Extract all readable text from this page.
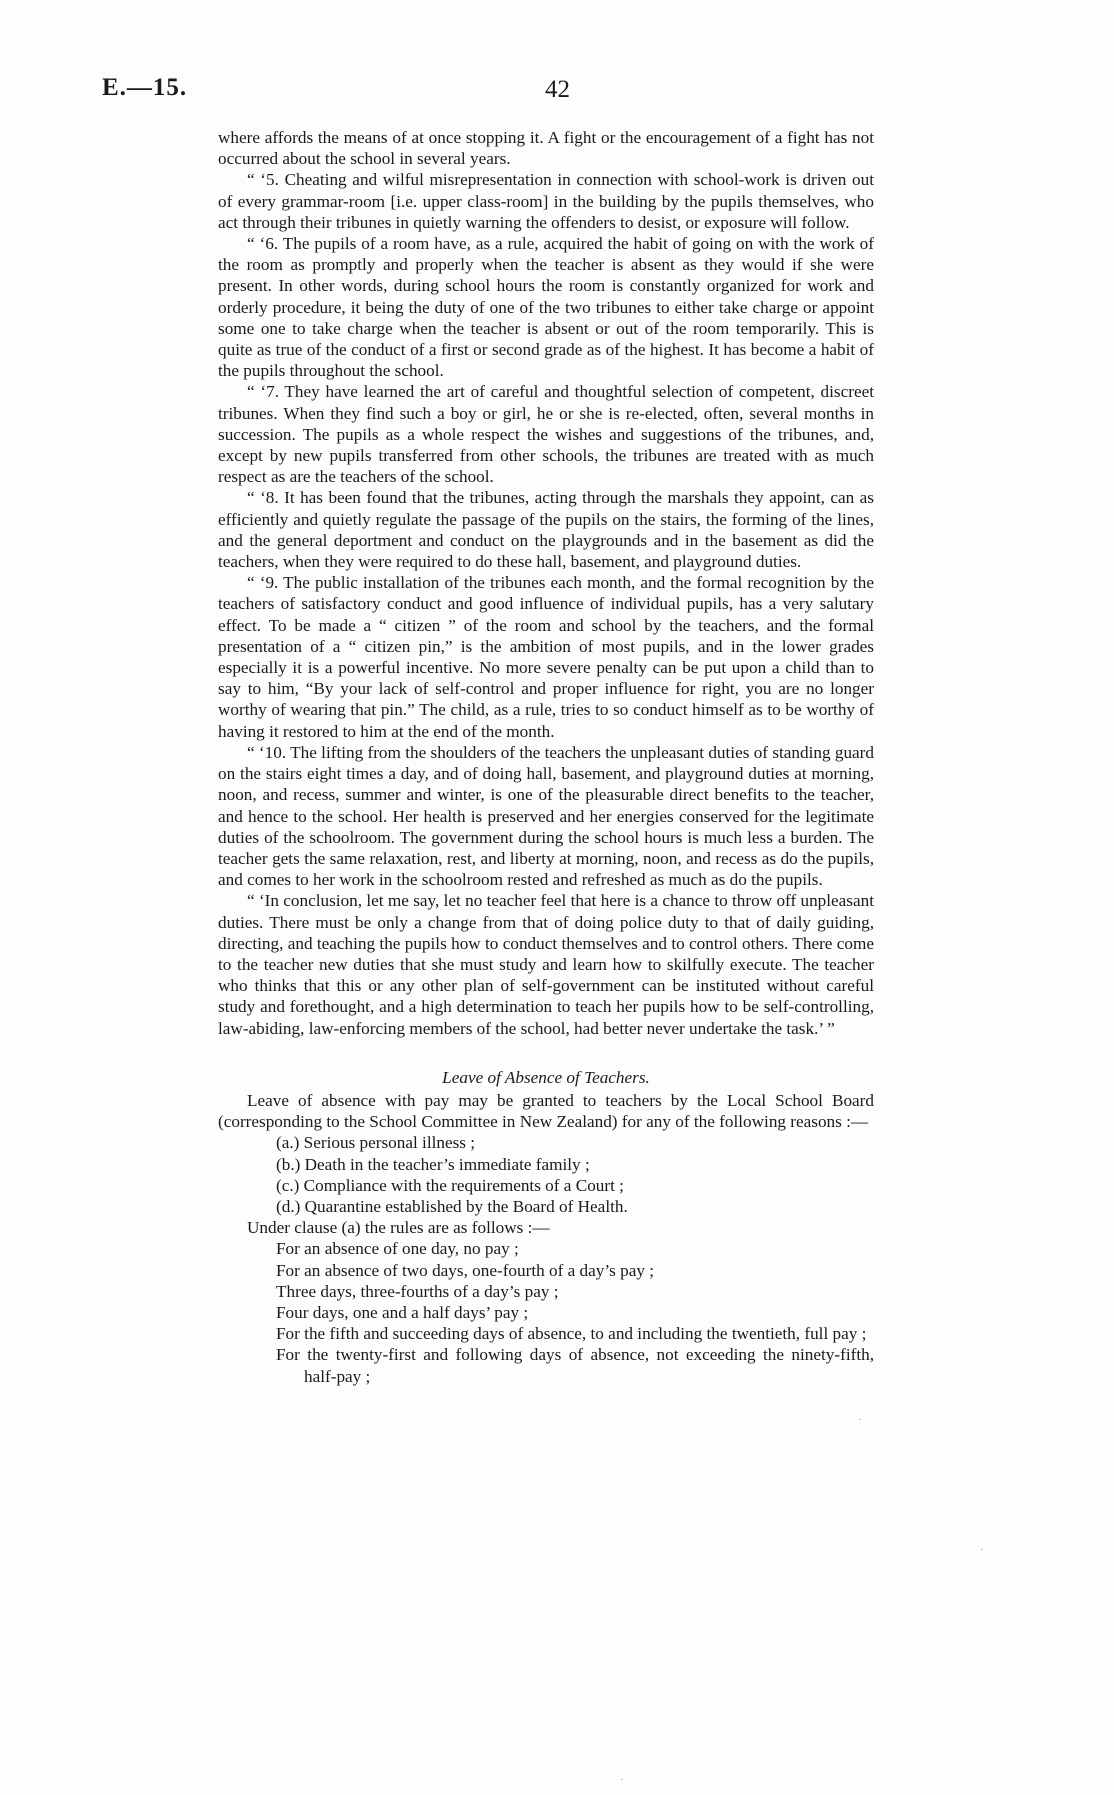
E.—15.	42

where affords the means of at once stopping it. A fight or the encouragement of a fight has not occurred about the school in several years.

“ ‘5. Cheating and wilful misrepresentation in connection with school-work is driven out of every grammar-room [i.e. upper class-room] in the building by the pupils themselves, who act through their tribunes in quietly warning the offenders to desist, or exposure will follow.

“ ‘6. The pupils of a room have, as a rule, acquired the habit of going on with the work of the room as promptly and properly when the teacher is absent as they would if she were present. In other words, during school hours the room is constantly organized for work and orderly procedure, it being the duty of one of the two tribunes to either take charge or appoint some one to take charge when the teacher is absent or out of the room temporarily. This is quite as true of the conduct of a first or second grade as of the highest. It has become a habit of the pupils throughout the school.

“ ‘7. They have learned the art of careful and thoughtful selection of competent, discreet tribunes. When they find such a boy or girl, he or she is re-elected, often, several months in succession. The pupils as a whole respect the wishes and suggestions of the tribunes, and, except by new pupils transferred from other schools, the tribunes are treated with as much respect as are the teachers of the school.

“ ‘8. It has been found that the tribunes, acting through the marshals they appoint, can as efficiently and quietly regulate the passage of the pupils on the stairs, the forming of the lines, and the general deportment and conduct on the playgrounds and in the basement as did the teachers, when they were required to do these hall, basement, and playground duties.

“ ‘9. The public installation of the tribunes each month, and the formal recognition by the teachers of satisfactory conduct and good influence of individual pupils, has a very salutary effect. To be made a “ citizen ” of the room and school by the teachers, and the formal presentation of a “ citizen pin,” is the ambition of most pupils, and in the lower grades especially it is a powerful incentive. No more severe penalty can be put upon a child than to say to him, “By your lack of self-control and proper influence for right, you are no longer worthy of wearing that pin.” The child, as a rule, tries to so conduct himself as to be worthy of having it restored to him at the end of the month.

“ ‘10. The lifting from the shoulders of the teachers the unpleasant duties of standing guard on the stairs eight times a day, and of doing hall, basement, and playground duties at morning, noon, and recess, summer and winter, is one of the pleasurable direct benefits to the teacher, and hence to the school. Her health is preserved and her energies conserved for the legitimate duties of the schoolroom. The government during the school hours is much less a burden. The teacher gets the same relaxation, rest, and liberty at morning, noon, and recess as do the pupils, and comes to her work in the schoolroom rested and refreshed as much as do the pupils.

“ ‘In conclusion, let me say, let no teacher feel that here is a chance to throw off unpleasant duties. There must be only a change from that of doing police duty to that of daily guiding, directing, and teaching the pupils how to conduct themselves and to control others. There come to the teacher new duties that she must study and learn how to skilfully execute. The teacher who thinks that this or any other plan of self-government can be instituted without careful study and forethought, and a high determination to teach her pupils how to be self-controlling, law-abiding, law-enforcing members of the school, had better never undertake the task.’ ”

Leave of Absence of Teachers.

Leave of absence with pay may be granted to teachers by the Local School Board (corresponding to the School Committee in New Zealand) for any of the following reasons :—

(a.) Serious personal illness ;
(b.) Death in the teacher’s immediate family ;
(c.) Compliance with the requirements of a Court ;
(d.) Quarantine established by the Board of Health.
Under clause (a) the rules are as follows :—
For an absence of one day, no pay ;
For an absence of two days, one-fourth of a day’s pay ;
Three days, three-fourths of a day’s pay ;
Four days, one and a half days’ pay ;
For the fifth and succeeding days of absence, to and including the twentieth, full pay ;
For the twenty-first and following days of absence, not exceeding the ninety-fifth, half-pay ;
·
·
·
